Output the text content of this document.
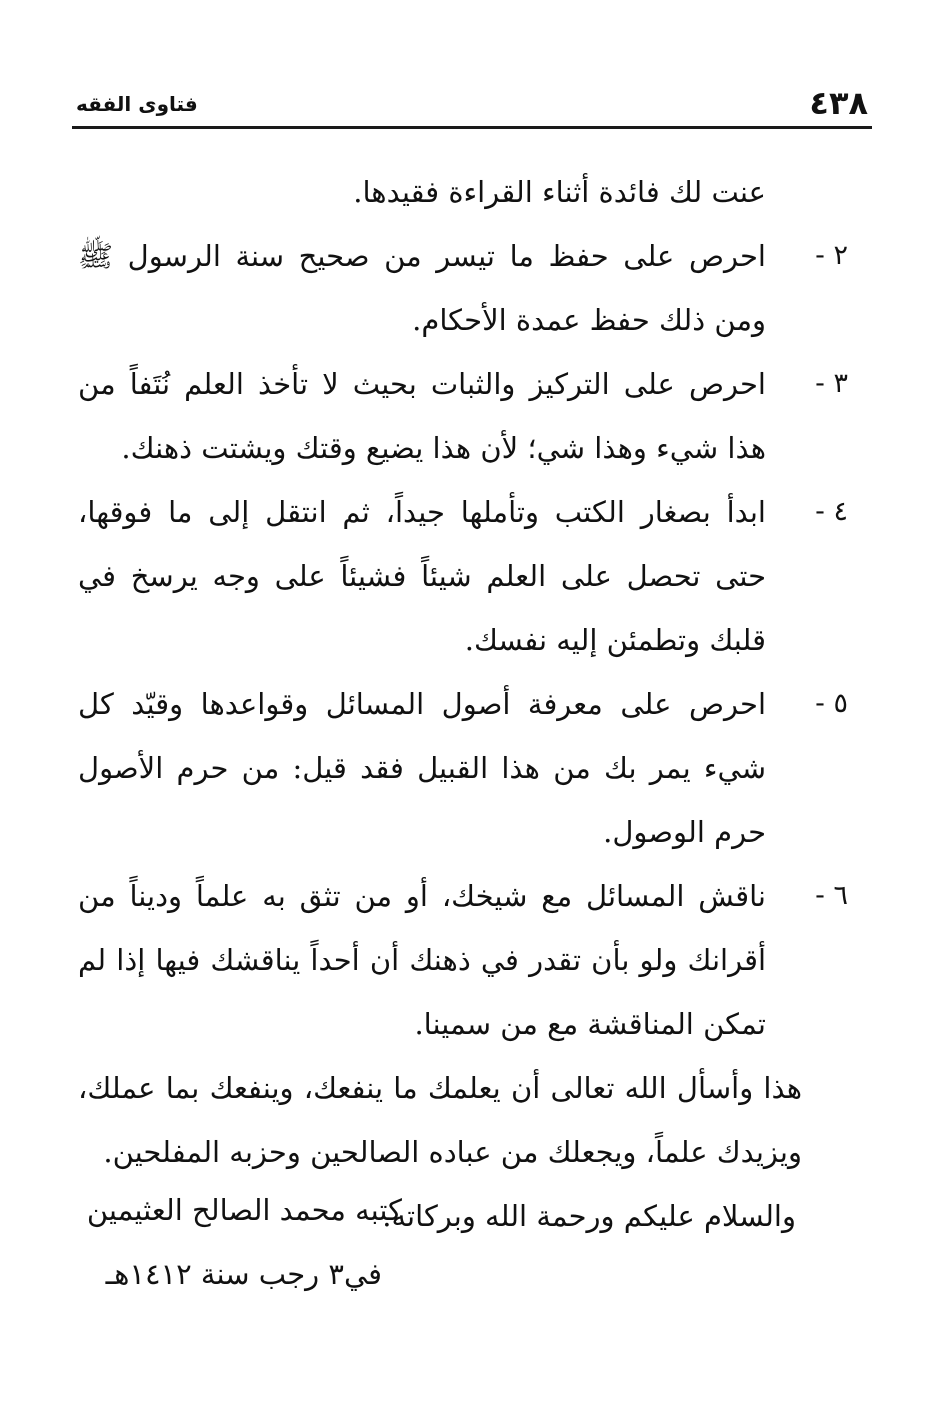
٤٣٨
فتاوى الفقه

عنت لك فائدة أثناء القراءة فقيدها.

٢ -

احرص على حفظ ما تيسر من صحيح سنة الرسول ﷺ ومن ذلك حفظ عمدة الأحكام.

٣ -

احرص على التركيز والثبات بحيث لا تأخذ العلم نُتَفاً من هذا شيء وهذا شي؛ لأن هذا يضيع وقتك ويشتت ذهنك.

٤ -

ابدأ بصغار الكتب وتأملها جيداً، ثم انتقل إلى ما فوقها، حتى تحصل على العلم شيئاً فشيئاً على وجه يرسخ في قلبك وتطمئن إليه نفسك.

٥ -

احرص على معرفة أصول المسائل وقواعدها وقيّد كل شيء يمر بك من هذا القبيل فقد قيل: من حرم الأصول حرم الوصول.

٦ -

ناقش المسائل مع شيخك، أو من تثق به علماً وديناً من أقرانك ولو بأن تقدر في ذهنك أن أحداً يناقشك فيها إذا لم تمكن المناقشة مع من سمينا.

هذا وأسأل الله تعالى أن يعلمك ما ينفعك، وينفعك بما عملك، ويزيدك علماً، ويجعلك من عباده الصالحين وحزبه المفلحين.

والسلام عليكم ورحمة الله وبركاته.

كتبه محمد الصالح العثيمين
في٣ رجب سنة ١٤١٢هـ
